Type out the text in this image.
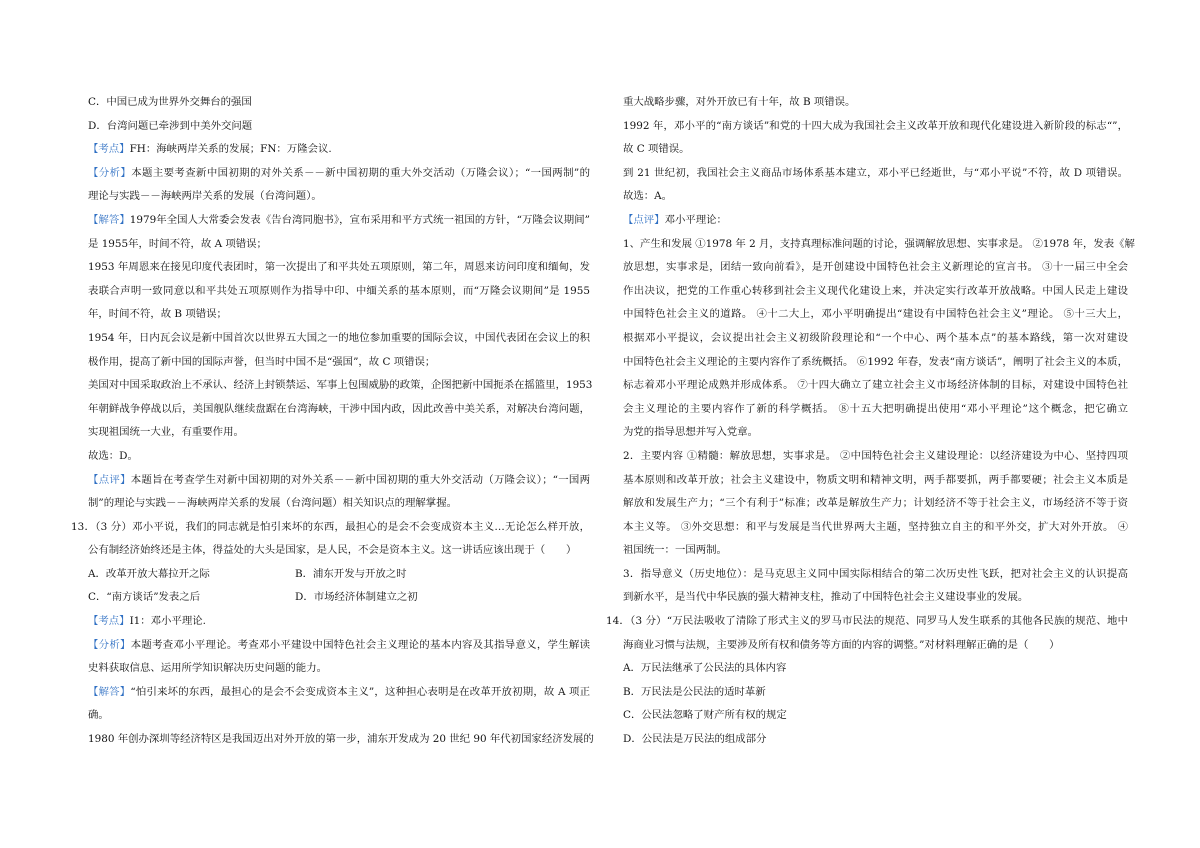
C．中国已成为世界外交舞台的强国
D．台湾问题已牵涉到中美外交问题
【考点】FH：海峡两岸关系的发展；FN：万隆会议.
【分析】本题主要考查新中国初期的对外关系－－新中国初期的重大外交活动（万隆会议）；“一国两制”的
理论与实践－－海峡两岸关系的发展（台湾问题）。
【解答】1979年全国人大常委会发表《告台湾同胞书》，宣布采用和平方式统一祖国的方针，“万隆会议期间”
是 1955年，时间不符，故 A 项错误；
1953 年周恩来在接见印度代表团时，第一次提出了和平共处五项原则，第二年，周恩来访问印度和缅甸，发
表联合声明一致同意以和平共处五项原则作为指导中印、中缅关系的基本原则，而“万隆会议期间”是 1955
年，时间不符，故 B 项错误；
1954 年，日内瓦会议是新中国首次以世界五大国之一的地位参加重要的国际会议，中国代表团在会议上的积
极作用，提高了新中国的国际声誉，但当时中国不是“强国”，故 C 项错误；
美国对中国采取政治上不承认、经济上封锁禁运、军事上包围威胁的政策，企图把新中国扼杀在摇篮里，1953
年朝鲜战争停战以后，美国舰队继续盘踞在台湾海峡，干涉中国内政，因此改善中美关系，对解决台湾问题，
实现祖国统一大业，有重要作用。
故选：D。
【点评】本题旨在考查学生对新中国初期的对外关系－－新中国初期的重大外交活动（万隆会议）；“一国两
制”的理论与实践－－海峡两岸关系的发展（台湾问题）相关知识点的理解掌握。
13．（3 分）邓小平说，我们的同志就是怕引来坏的东西，最担心的是会不会变成资本主义…无论怎么样开放，
公有制经济始终还是主体，得益处的大头是国家，是人民，不会是资本主义。这一讲话应该出现于（　　）
A．改革开放大幕拉开之际	B．浦东开发与开放之时
C．“南方谈话”发表之后	D．市场经济体制建立之初
【考点】I1：邓小平理论.
【分析】本题考查邓小平理论。考查邓小平建设中国特色社会主义理论的基本内容及其指导意义，学生解读
史料获取信息、运用所学知识解决历史问题的能力。
【解答】“怕引来坏的东西，最担心的是会不会变成资本主义”，这种担心表明是在改革开放初期，故 A 项正
确。
1980 年创办深圳等经济特区是我国迈出对外开放的第一步，浦东开发成为 20 世纪 90 年代初国家经济发展的
重大战略步骤，对外开放已有十年，故 B 项错误。
1992 年，邓小平的“南方谈话”和党的十四大成为我国社会主义改革开放和现代化建设进入新阶段的标志“”，
故 C 项错误。
到 21 世纪初，我国社会主义商品市场体系基本建立，邓小平已经逝世，与“邓小平说”不符，故 D 项错误。
故选：A。
【点评】邓小平理论：
1、产生和发展 ①1978 年 2 月，支持真理标准问题的讨论，强调解放思想、实事求是。 ②1978 年，发表《解
放思想，实事求是，团结一致向前看》，是开创建设中国特色社会主义新理论的宣言书。 ③十一届三中全会
作出决议，把党的工作重心转移到社会主义现代化建设上来，并决定实行改革开放战略。中国人民走上建设
中国特色社会主义的道路。 ④十二大上，邓小平明确提出“建设有中国特色社会主义”理论。 ⑤十三大上，
根据邓小平提议，会议提出社会主义初级阶段理论和“一个中心、两个基本点”的基本路线，第一次对建设
中国特色社会主义理论的主要内容作了系统概括。 ⑥1992 年春，发表“南方谈话”，阐明了社会主义的本质，
标志着邓小平理论成熟并形成体系。 ⑦十四大确立了建立社会主义市场经济体制的目标，对建设中国特色社
会主义理论的主要内容作了新的科学概括。 ⑧十五大把明确提出使用“邓小平理论”这个概念，把它确立
为党的指导思想并写入党章。
2．主要内容 ①精髓：解放思想，实事求是。 ②中国特色社会主义建设理论：以经济建设为中心、坚持四项
基本原则和改革开放；社会主义建设中，物质文明和精神文明，两手都要抓，两手都要硬；社会主义本质是
解放和发展生产力；“三个有利于”标准；改革是解放生产力；计划经济不等于社会主义，市场经济不等于资
本主义等。 ③外交思想：和平与发展是当代世界两大主题，坚持独立自主的和平外交，扩大对外开放。 ④
祖国统一：一国两制。
3．指导意义（历史地位）：是马克思主义同中国实际相结合的第二次历史性飞跃，把对社会主义的认识提高
到新水平，是当代中华民族的强大精神支柱，推动了中国特色社会主义建设事业的发展。
14．（3 分）“万民法吸收了清除了形式主义的罗马市民法的规范、同罗马人发生联系的其他各民族的规范、地中
海商业习惯与法规，主要涉及所有权和债务等方面的内容的调整。”对材料理解正确的是（　　）
A．万民法继承了公民法的具体内容
B．万民法是公民法的适时革新
C．公民法忽略了财产所有权的规定
D．公民法是万民法的组成部分
